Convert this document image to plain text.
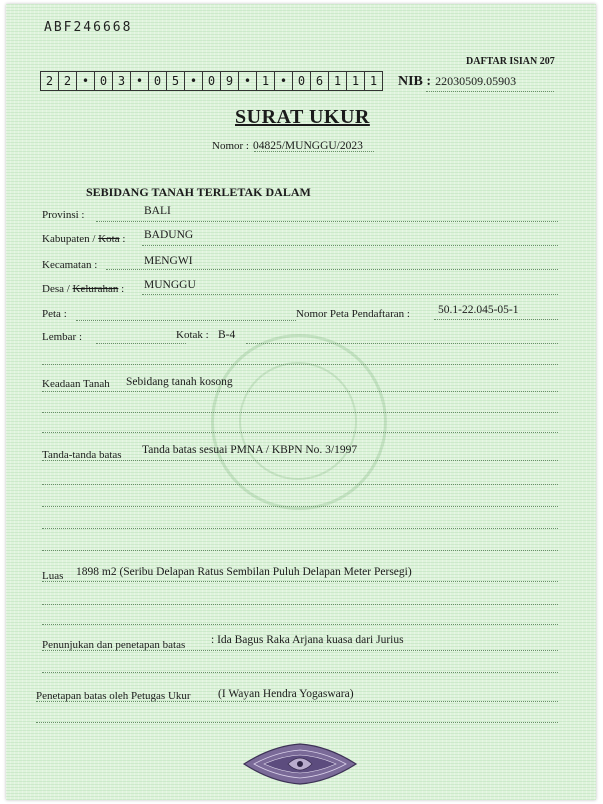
ABF246668
DAFTAR ISIAN 207
2 2 • 0 3 • 0 5 • 0 9 • 1 • 0 6 1 1 1	NIB : 22030509.05903
SURAT UKUR
Nomor : 04825/MUNGGU/2023
SEBIDANG TANAH TERLETAK DALAM
Provinsi :	BALI
Kabupaten / Kota : BADUNG
Kecamatan :	MENGWI
Desa / Kelurahan : MUNGGU
Peta :	Nomor Peta Pendaftaran : 50.1-22.045-05-1
Lembar :	Kotak : B-4
Keadaan Tanah Sebidang tanah kosong
Tanda-tanda batas Tanda batas sesuai PMNA / KBPN No. 3/1997
Luas 1898 m2 (Seribu Delapan Ratus Sembilan Puluh Delapan Meter Persegi)
Penunjukan dan penetapan batas : Ida Bagus Raka Arjana kuasa dari Jurius
Penetapan batas oleh Petugas Ukur (I Wayan Hendra Yogaswara)
